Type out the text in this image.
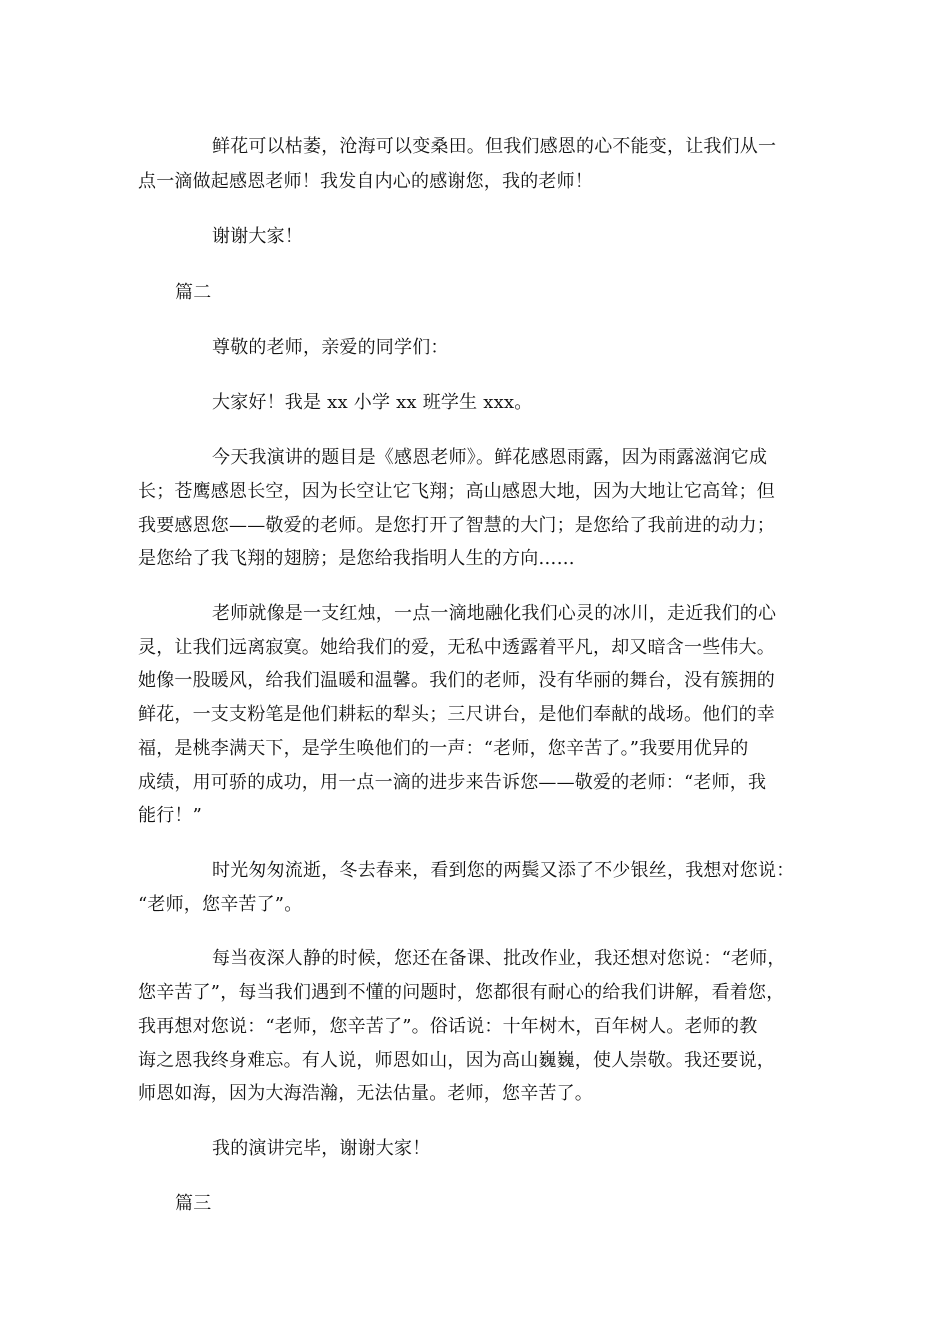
鲜花可以枯萎，沧海可以变桑田。但我们感恩的心不能变，让我们从一
点一滴做起感恩老师！我发自内心的感谢您，我的老师！
谢谢大家！
篇二
尊敬的老师，亲爱的同学们：
大家好！我是 xx 小学 xx 班学生 xxx。
今天我演讲的题目是《感恩老师》。鲜花感恩雨露，因为雨露滋润它成
长；苍鹰感恩长空，因为长空让它飞翔；高山感恩大地，因为大地让它高耸；但
我要感恩您——敬爱的老师。是您打开了智慧的大门；是您给了我前进的动力；
是您给了我飞翔的翅膀；是您给我指明人生的方向……
老师就像是一支红烛，一点一滴地融化我们心灵的冰川，走近我们的心
灵，让我们远离寂寞。她给我们的爱，无私中透露着平凡，却又暗含一些伟大。
她像一股暖风，给我们温暖和温馨。我们的老师，没有华丽的舞台，没有簇拥的
鲜花，一支支粉笔是他们耕耘的犁头；三尺讲台，是他们奉献的战场。他们的幸
福，是桃李满天下，是学生唤他们的一声：“老师，您辛苦了。”我要用优异的
成绩，用可骄的成功，用一点一滴的进步来告诉您——敬爱的老师：“老师，我
能行！”
时光匆匆流逝，冬去春来，看到您的两鬓又添了不少银丝，我想对您说：
“老师，您辛苦了”。
每当夜深人静的时候，您还在备课、批改作业，我还想对您说：“老师，
您辛苦了”，每当我们遇到不懂的问题时，您都很有耐心的给我们讲解，看着您，
我再想对您说：“老师，您辛苦了”。俗话说：十年树木，百年树人。老师的教
诲之恩我终身难忘。有人说，师恩如山，因为高山巍巍，使人崇敬。我还要说，
师恩如海，因为大海浩瀚，无法估量。老师，您辛苦了。
我的演讲完毕，谢谢大家！
篇三
